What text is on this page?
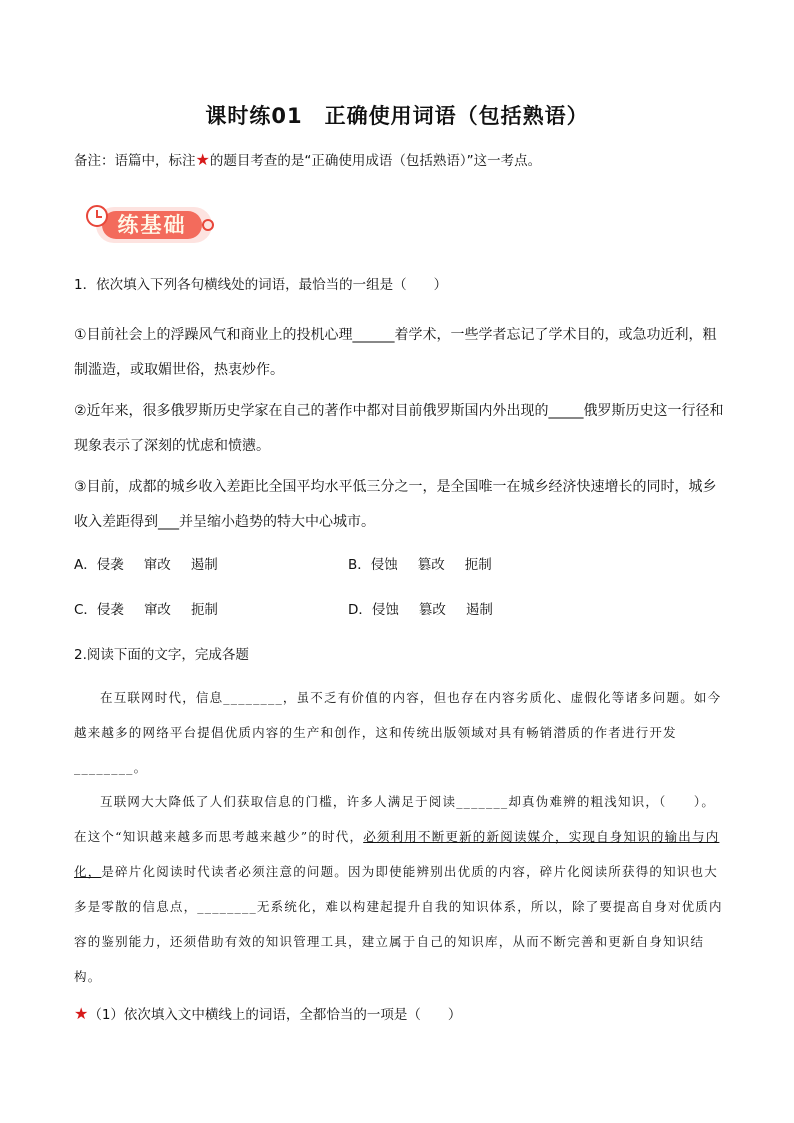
课时练01　正确使用词语（包括熟语）
备注：语篇中，标注★的题目考查的是“正确使用成语（包括熟语）”这一考点。
练基础
1．依次填入下列各句横线处的词语，最恰当的一组是（　　）
①目前社会上的浮躁风气和商业上的投机心理______着学术，一些学者忘记了学术目的，或急功近利，粗制滥造，或取媚世俗，热衷炒作。
②近年来，很多俄罗斯历史学家在自己的著作中都对目前俄罗斯国内外出现的_____俄罗斯历史这一行径和现象表示了深刻的忧虑和愤懑。
③目前，成都的城乡收入差距比全国平均水平低三分之一，是全国唯一在城乡经济快速增长的同时，城乡收入差距得到___并呈缩小趋势的特大中心城市。
A．侵袭 窜改 遏制	B．侵蚀 篡改 扼制
C．侵袭 窜改 扼制	D．侵蚀 篡改 遏制
2.阅读下面的文字，完成各题
在互联网时代，信息________，虽不乏有价值的内容，但也存在内容劣质化、虚假化等诸多问题。如今越来越多的网络平台提倡优质内容的生产和创作，这和传统出版领域对具有畅销潜质的作者进行开发________。
互联网大大降低了人们获取信息的门槛，许多人满足于阅读_______却真伪难辨的粗浅知识，（　　）。在这个“知识越来越多而思考越来越少”的时代，必须利用不断更新的新阅读媒介，实现自身知识的输出与内化，是碎片化阅读时代读者必须注意的问题。因为即使能辨别出优质的内容，碎片化阅读所获得的知识也大多是零散的信息点，________无系统化，难以构建起提升自我的知识体系，所以，除了要提高自身对优质内容的鉴别能力，还须借助有效的知识管理工具，建立属于自己的知识库，从而不断完善和更新自身知识结构。
★（1）依次填入文中横线上的词语，全都恰当的一项是（　　）
